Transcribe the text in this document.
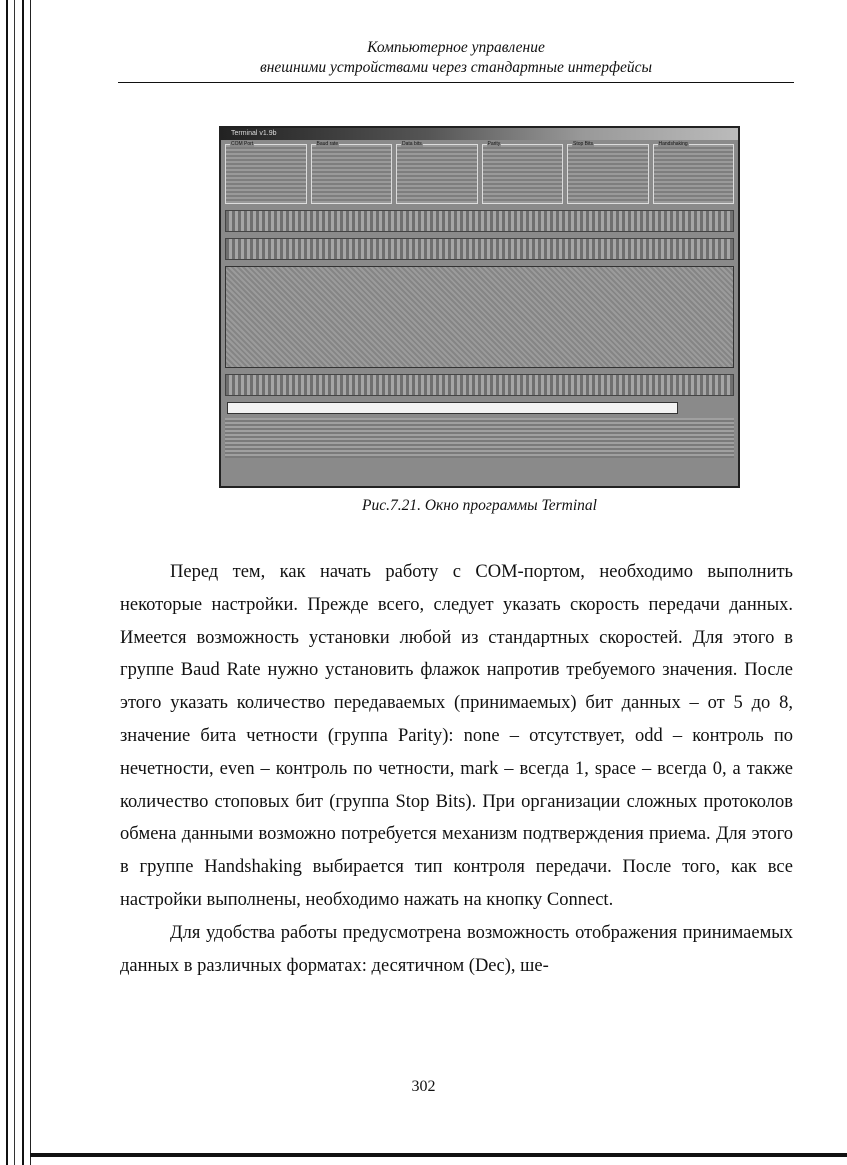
Компьютерное управление
внешними устройствами через стандартные интерфейсы
Terminal v1.9b
COM Port	Baud rate	Data bits	Parity	Stop Bits	Handshaking
Рис.7.21. Окно программы Terminal

Перед тем, как начать работу с COM-портом, необходимо выполнить некоторые настройки. Прежде всего, следует указать скорость передачи данных. Имеется возможность установки любой из стандартных скоростей. Для этого в группе Baud Rate нужно установить флажок напротив требуемого значения. После этого указать количество передаваемых (принимаемых) бит данных – от 5 до 8, значение бита четности (группа Parity): none – отсутствует, odd – контроль по нечетности, even – контроль по четности, mark – всегда 1, space – всегда 0, а также количество стоповых бит (группа Stop Bits). При организации сложных протоколов обмена данными возможно потребуется механизм подтверждения приема. Для этого в группе Handshaking выбирается тип контроля передачи. После того, как все настройки выполнены, необходимо нажать на кнопку Connect.

Для удобства работы предусмотрена возможность отображения принимаемых данных в различных форматах: десятичном (Dec), ше-

302
